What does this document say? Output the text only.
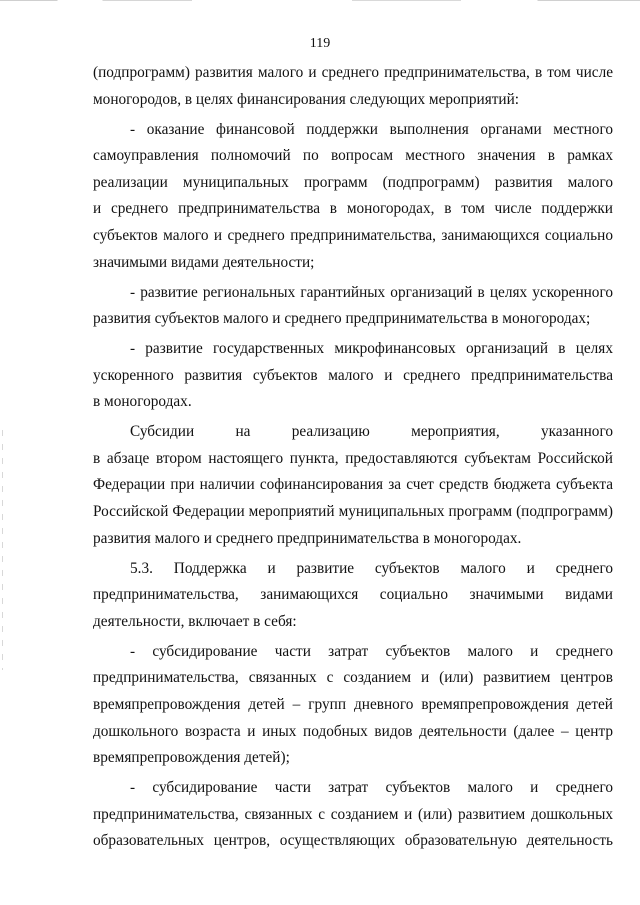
119
(подпрограмм) развития малого и среднего предпринимательства, в том числе
моногородов, в целях финансирования следующих мероприятий:
- оказание финансовой поддержки выполнения органами местного
самоуправления полномочий по вопросам местного значения в рамках
реализации муниципальных программ (подпрограмм) развития малого
и среднего предпринимательства в моногородах, в том числе поддержки
субъектов малого и среднего предпринимательства, занимающихся социально
значимыми видами деятельности;
- развитие региональных гарантийных организаций в целях ускоренного
развития субъектов малого и среднего предпринимательства в моногородах;
- развитие государственных микрофинансовых организаций в целях
ускоренного развития субъектов малого и среднего предпринимательства
в моногородах.
Субсидии на реализацию мероприятия, указанного
в абзаце втором настоящего пункта, предоставляются субъектам Российской
Федерации при наличии софинансирования за счет средств бюджета субъекта
Российской Федерации мероприятий муниципальных программ (подпрограмм)
развития малого и среднего предпринимательства в моногородах.
5.3. Поддержка и развитие субъектов малого и среднего
предпринимательства, занимающихся социально значимыми видами
деятельности, включает в себя:
- субсидирование части затрат субъектов малого и среднего
предпринимательства, связанных с созданием и (или) развитием центров
времяпрепровождения детей – групп дневного времяпрепровождения детей
дошкольного возраста и иных подобных видов деятельности (далее – центр
времяпрепровождения детей);
- субсидирование части затрат субъектов малого и среднего
предпринимательства, связанных с созданием и (или) развитием дошкольных
образовательных центров, осуществляющих образовательную деятельность
